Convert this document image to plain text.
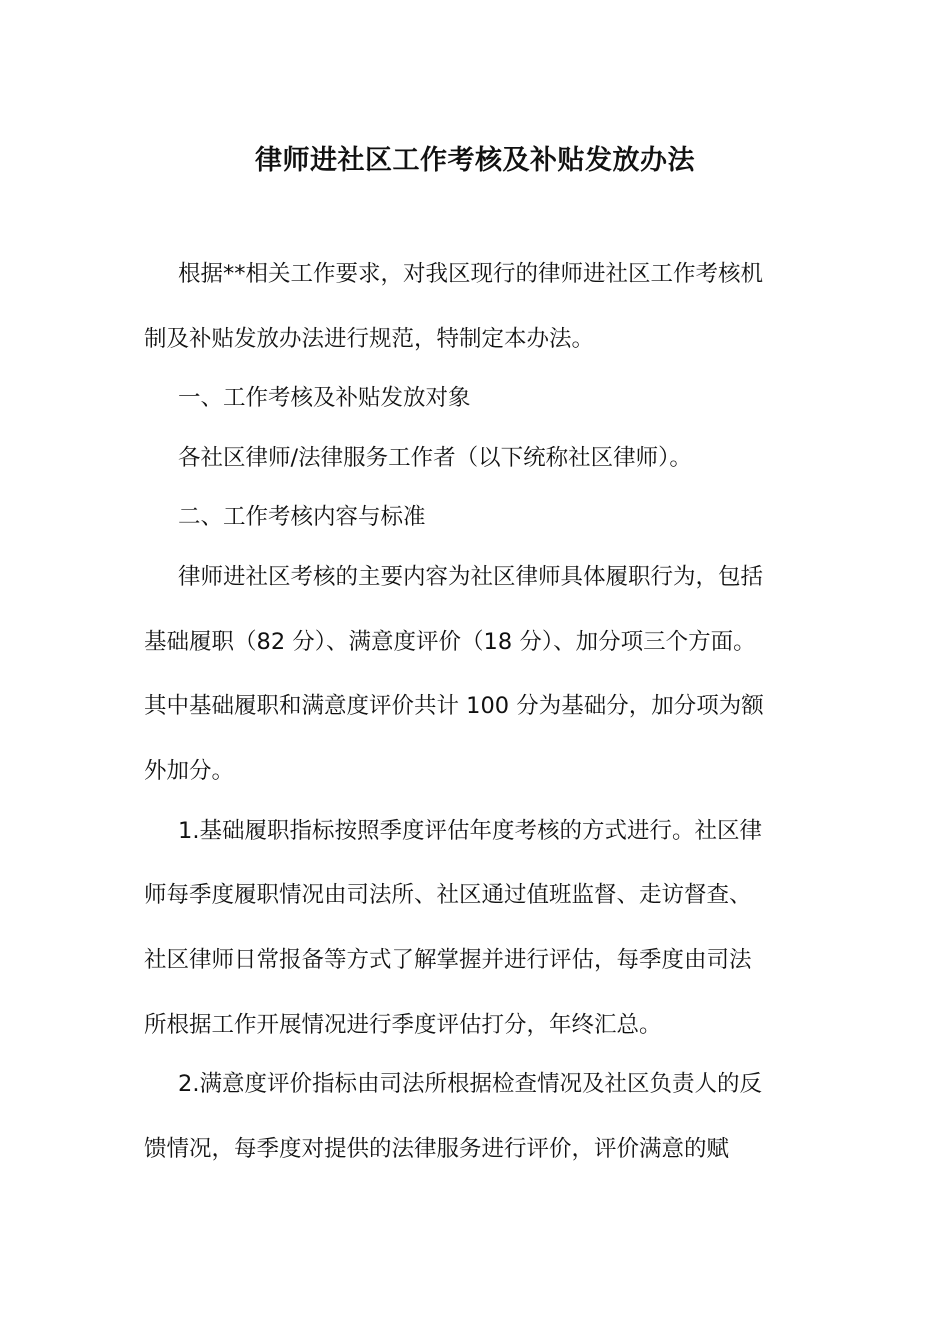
律师进社区工作考核及补贴发放办法
根据**相关工作要求，对我区现行的律师进社区工作考核机
制及补贴发放办法进行规范，特制定本办法。
一、工作考核及补贴发放对象
各社区律师/法律服务工作者（以下统称社区律师）。
二、工作考核内容与标准
律师进社区考核的主要内容为社区律师具体履职行为，包括
基础履职（82 分）、满意度评价（18 分）、加分项三个方面。
其中基础履职和满意度评价共计 100 分为基础分，加分项为额
外加分。
1.基础履职指标按照季度评估年度考核的方式进行。社区律
师每季度履职情况由司法所、社区通过值班监督、走访督查、
社区律师日常报备等方式了解掌握并进行评估，每季度由司法
所根据工作开展情况进行季度评估打分，年终汇总。
2.满意度评价指标由司法所根据检查情况及社区负责人的反
馈情况，每季度对提供的法律服务进行评价，评价满意的赋
